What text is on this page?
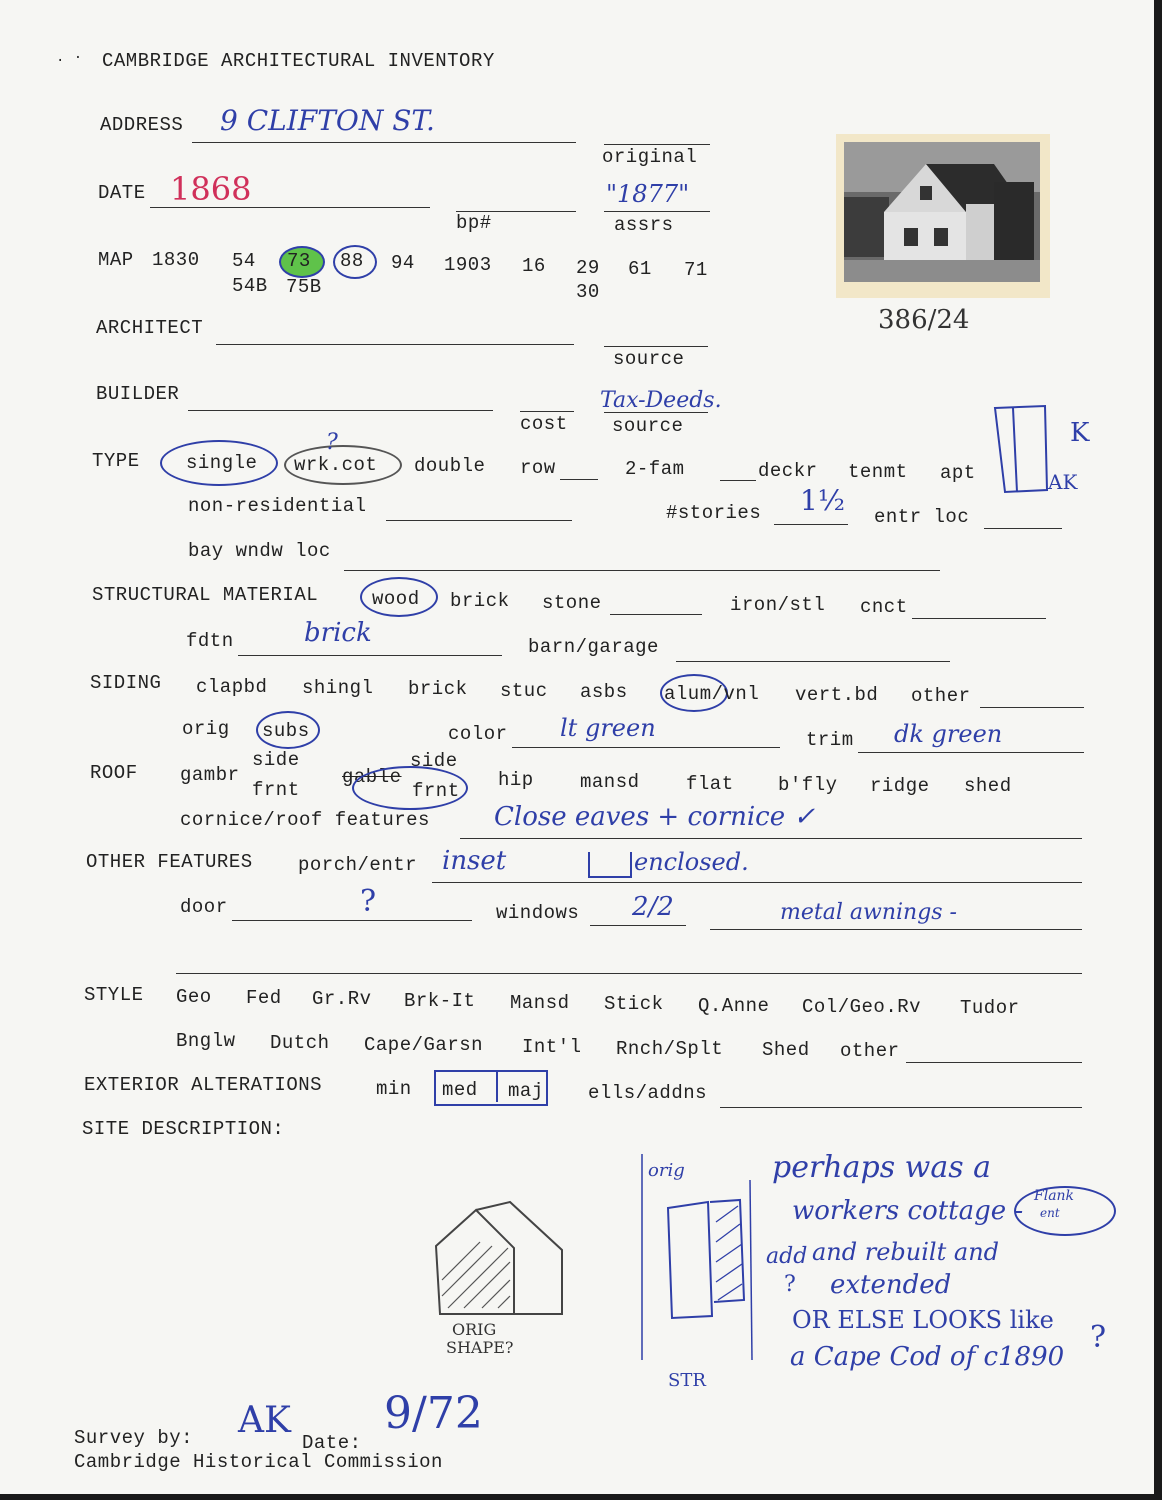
. · CAMBRIDGE ARCHITECTURAL INVENTORY
ADDRESS 9 CLIFTON ST.
original
DATE 1868
bp#
"1877"
assrs
MAP 1830 54 73 88 94 1903 16 29 61 71
54B 75B	30
386/24
ARCHITECT
source
BUILDER
cost
Tax-Deeds.
source
TYPE single
?
wrk.cot double row	2-fam	deckr tenmt apt
K
AK
non-residential	#stories 1½ entr loc
bay wndw loc
STRUCTURAL MATERIAL	wood brick stone	iron/stl cnct
fdtn	brick	barn/garage
SIDING clapbd shingl brick stuc asbs alum/vnl vert.bd other
orig subs	color lt green	trim dk green
side	side
ROOF gambr
frnt
gable
frnt hip mansd flat b'fly ridge shed
cornice/roof features Close eaves + cornice ✓
OTHER FEATURES porch/entr inset	enclosed.
door	?	windows 2/2	metal awnings -
STYLE Geo Fed Gr.Rv Brk-It Mansd Stick Q.Anne Col/Geo.Rv Tudor
Bnglw Dutch Cape/Garsn Int'l Rnch/Splt Shed other
EXTERIOR ALTERATIONS	min med maj ells/addns
SITE DESCRIPTION:
ORIG
SHAPE?
orig
STR
perhaps was a
workers cottage - Flank
ent
add and rebuilt and
? extended
OR ELSE LOOKS like
a Cape Cod of c1890
?
Survey by: AK
Date:
9/72
Cambridge Historical Commission
